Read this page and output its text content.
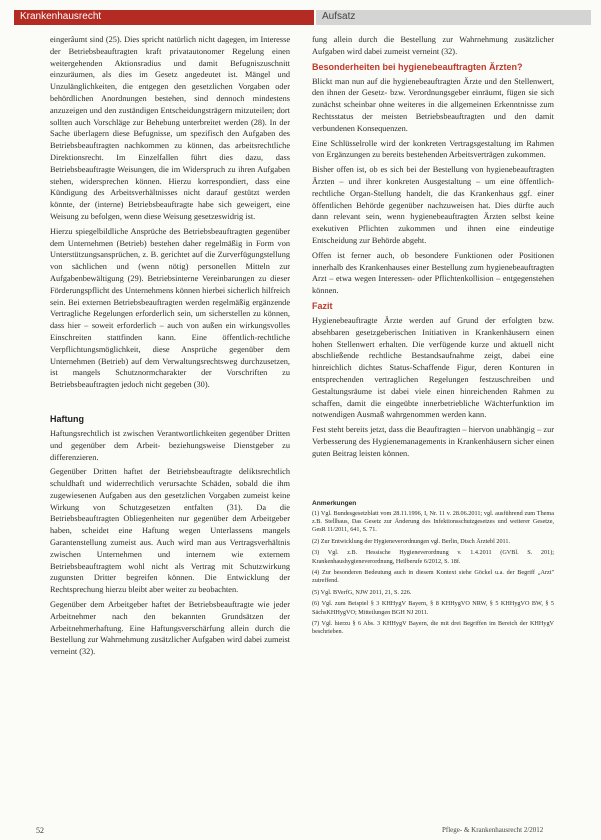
Krankenhausrecht	Aufsatz

eingerâumt sind (25). Dies spricht natürlich nicht dagegen, im Interesse der Betriebsbeauftragten kraft privatautonomer Regelung einen weitergehenden Aktionsradius und damit Befugniszuschnitt einzuräumen, als dies im Gesetz angedeutet ist. Mängel und Unzulänglichkeiten, die entgegen den gesetzlichen Vorgaben oder behördlichen Anordnungen bestehen, sind dennoch mindestens anzuzeigen und den zuständigen Entscheidungsträgern mitzuteilen; dort sollten auch Vorschläge zur Behebung unterbreitet werden (28). In der Sache überlagern diese Befugnisse, um spezifisch den Aufgaben des Betriebsbeauftragten nachkommen zu können, das arbeitsrechtliche Direktionsrecht. Im Einzelfallen führt dies dazu, dass Betriebsbeauftragte Weisungen, die im Widerspruch zu ihren Aufgaben stehen, widersprechen können. Hierzu korrespondiert, dass eine Kündigung des Arbeitsverhältnisses nicht darauf gestützt werden könnte, der (interne) Betriebsbeauftragte habe sich geweigert, eine Weisung zu befolgen, wenn diese Weisung gesetzeswidrig ist.

Hierzu spiegelbildliche Ansprüche des Betriebsbeauftragten gegenüber dem Unternehmen (Betrieb) bestehen daher regelmäßig in Form von Unterstützungsansprüchen, z. B. gerichtet auf die Zurverfügungstellung von sächlichen und (wenn nötig) personellen Mitteln zur Aufgabenbewältigung (29). Betriebsinterne Vereinbarungen zu dieser Förderungspflicht des Unternehmens können hierbei sicherlich hilfreich sein. Bei externen Betriebsbeauftragten werden regelmäßig ergänzende Vertragliche Regelungen erforderlich sein, um sicherstellen zu können, dass hier – soweit erforderlich – auch von außen ein wirkungsvolles Einschreiten stattfinden kann. Eine öffentlich-rechtliche Verpflichtungsmöglichkeit, diese Ansprüche gegenüber dem Unternehmen (Betrieb) auf dem Verwaltungsrechtsweg durchzusetzen, ist mangels Schutznormcharakter der Vorschriften zu Betriebsbeauftragten jedoch nicht gegeben (30).

Haftung

Haftungsrechtlich ist zwischen Verantwortlichkeiten gegenüber Dritten und gegenüber dem Arbeit- beziehungsweise Dienstgeber zu differenzieren.

Gegenüber Dritten haftet der Betriebsbeauftragte deliktsrechtlich schuldhaft und widerrechtlich verursachte Schäden, sobald die ihm zugewiesenen Aufgaben aus den gesetzlichen Vorgaben zumeist keine Wirkung von Schutzgesetzen entfalten (31). Da die Betriebsbeauftragten Obliegenheiten nur gegenüber dem Arbeitgeber haben, scheidet eine Haftung wegen Unterlassens mangels Garantenstellung zumeist aus. Auch wird man aus Vertragsverhältnis zwischen Unternehmen und internem wie externem Betriebsbeauftragtem wohl nicht als Vertrag mit Schutzwirkung zugunsten Dritter begreifen können. Die Entwicklung der Rechtsprechung hierzu bleibt aber weiter zu beobachten.

Gegenüber dem Arbeitgeber haftet der Betriebsbeauftragte wie jeder Arbeitnehmer nach den bekannten Grundsätzen der Arbeitnehmerhaftung. Eine Haftungsverschärfung allein durch die Bestellung zur Wahrnehmung zusätzlicher Aufgaben wird dabei zumeist verneint (32).

fung allein durch die Bestellung zur Wahrnehmung zusätzlicher Aufgaben wird dabei zumeist verneint (32).

Besonderheiten bei hygienebeauftragten Ärzten?

Blickt man nun auf die hygienebeauftragten Ärzte und den Stellenwert, den ihnen der Gesetz- bzw. Verordnungsgeber einräumt, fügen sie sich zunächst scheinbar ohne weiteres in die allgemeinen Erkenntnisse zum Rechtsstatus der meisten Betriebsbeauftragten und den damit verbundenen Konsequenzen.

Eine Schlüsselrolle wird der konkreten Vertragsgestaltung im Rahmen von Ergänzungen zu bereits bestehenden Arbeitsverträgen zukommen.

Bisher offen ist, ob es sich bei der Bestellung von hygienebeauftragten Ärzten – und ihrer konkreten Ausgestaltung – um eine öffentlich-rechtliche Organ-Stellung handelt, die das Krankenhaus ggf. einer öffentlichen Behörde gegenüber nachzuweisen hat. Dies dürfte auch dann relevant sein, wenn hygienebeauftragten Ärzten selbst keine exekutiven Pflichten zukommen und ihnen eine eindeutige Entscheidung zur Behörde abgeht.

Offen ist ferner auch, ob besondere Funktionen oder Positionen innerhalb des Krankenhauses einer Bestellung zum hygienebeauftragten Arzt – etwa wegen Interessen- oder Pflichtenkollision – entgegenstehen können.

Fazit

Hygienebeauftragte Ärzte werden auf Grund der erfolgten bzw. absehbaren gesetzgeberischen Initiativen in Krankenhäusern einen hohen Stellenwert erhalten. Die verfügende kurze und aktuell nicht abschließende rechtliche Bestandsaufnahme zeigt, dabei eine hinreichlich dichtes Status-Schaffende Figur, deren Konturen in entsprechenden vertraglichen Regelungen festzuschreiben und Gestaltungsräume ist dabei viele einen hinreichenden Rahmen zu schaffen, damit die eingeübte innerbetriebliche Wächterfunktion im notwendigen Ausmaß wahrgenommen werden kann.

Fest steht bereits jetzt, dass die Beauftragten – hiervon unabhängig – zur Verbesserung des Hygienemanagements in Krankenhäusern sicher einen guten Beitrag leisten können.

Anmerkungen
(1) Vgl. Bundesgesetzblatt vom 28.11.1996, I, Nr. 11 v. 28.06.2011; vgl. ausführend zum Thema z.B. Stellhaus, Das Gesetz zur Änderung des Infektionsschutzgesetzes und weiterer Gesetze, GesR 11/2011, 641, S. 71.
(2) Zur Entwicklung der Hygieneverordnungen vgl. Berlin, Dtsch Ärztebl 2011.
(3) Vgl. z.B. Hessische Hygieneverordnung v. 1.4.2011 (GVBl. S. 201); Krankenhaushygieneverordnung, Heilberufe 6/2012, S. 18f.
(4) Zur besonderen Bedeutung auch in diesem Kontext siehe Göckel u.a. der Begriff „Arzt" zutreffend.
(5) Vgl. BVerfG, NJW 2011, 21, S. 226.
(6) Vgl. zum Beispiel § 3 KHHygV Bayern, § 8 KHHygVO NRW, § 5 KHHygVO BW, § 5 SächsKHHygVO; Mitteilungen BGH NJ 2011.
(7) Vgl. hierzu § 6 Abs. 3 KHHygV Bayern, die mit drei Begriffen im Bereich der KHHygV beschrieben.
52	Pflege- & Krankenhausrecht 2/2012
